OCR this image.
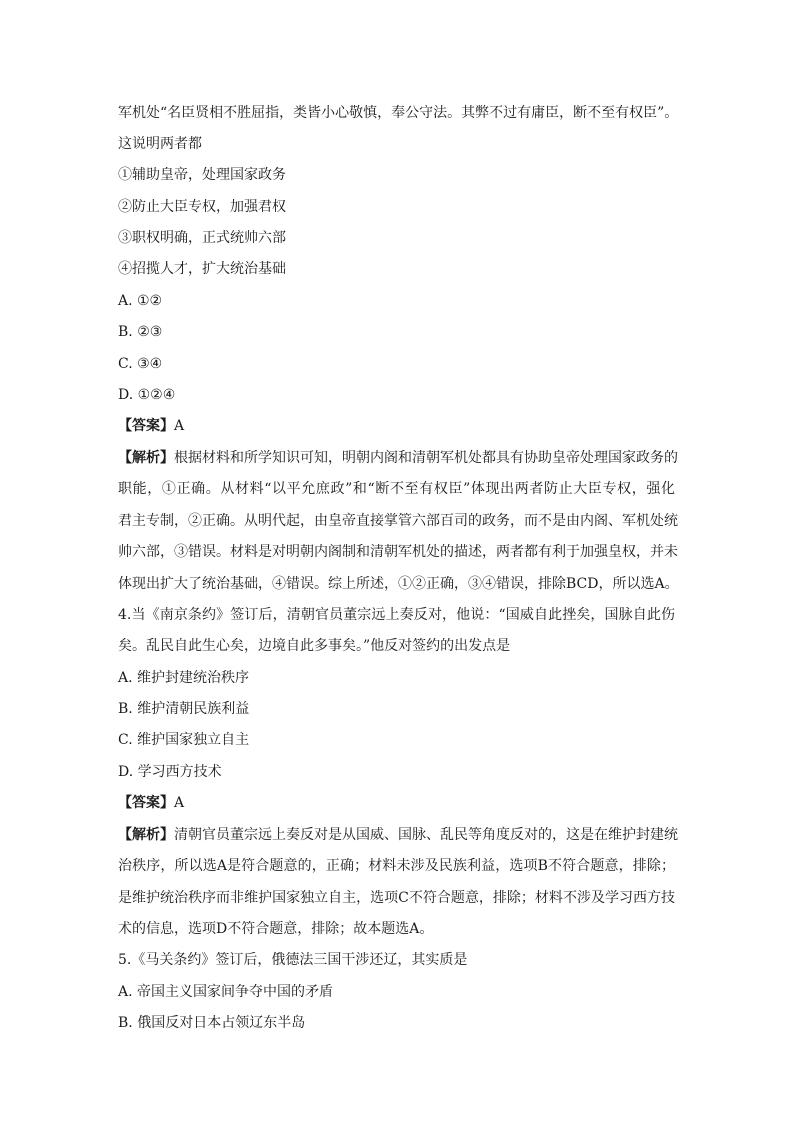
军机处“名臣贤相不胜屈指，类皆小心敬慎，奉公守法。其弊不过有庸臣，断不至有权臣”。
这说明两者都
①辅助皇帝，处理国家政务
②防止大臣专权，加强君权
③职权明确，正式统帅六部
④招揽人才，扩大统治基础
A. ①②
B. ②③
C. ③④
D. ①②④
【答案】A
【解析】根据材料和所学知识可知，明朝内阁和清朝军机处都具有协助皇帝处理国家政务的
职能，①正确。从材料“以平允庶政”和“断不至有权臣”体现出两者防止大臣专权，强化
君主专制，②正确。从明代起，由皇帝直接掌管六部百司的政务，而不是由内阁、军机处统
帅六部，③错误。材料是对明朝内阁制和清朝军机处的描述，两者都有利于加强皇权，并未
体现出扩大了统治基础，④错误。综上所述，①②正确，③④错误，排除BCD，所以选A。
4.当《南京条约》签订后，清朝官员董宗远上奏反对，他说：“国威自此挫矣，国脉自此伤
矣。乱民自此生心矣，边境自此多事矣。”他反对签约的出发点是
A. 维护封建统治秩序
B. 维护清朝民族利益
C. 维护国家独立自主
D. 学习西方技术
【答案】A
【解析】清朝官员董宗远上奏反对是从国威、国脉、乱民等角度反对的，这是在维护封建统
治秩序，所以选A是符合题意的，正确；材料未涉及民族利益，选项B不符合题意，排除；
是维护统治秩序而非维护国家独立自主，选项C不符合题意，排除；材料不涉及学习西方技
术的信息，选项D不符合题意，排除；故本题选A。
5.《马关条约》签订后，俄德法三国干涉还辽，其实质是
A. 帝国主义国家间争夺中国的矛盾
B. 俄国反对日本占领辽东半岛
